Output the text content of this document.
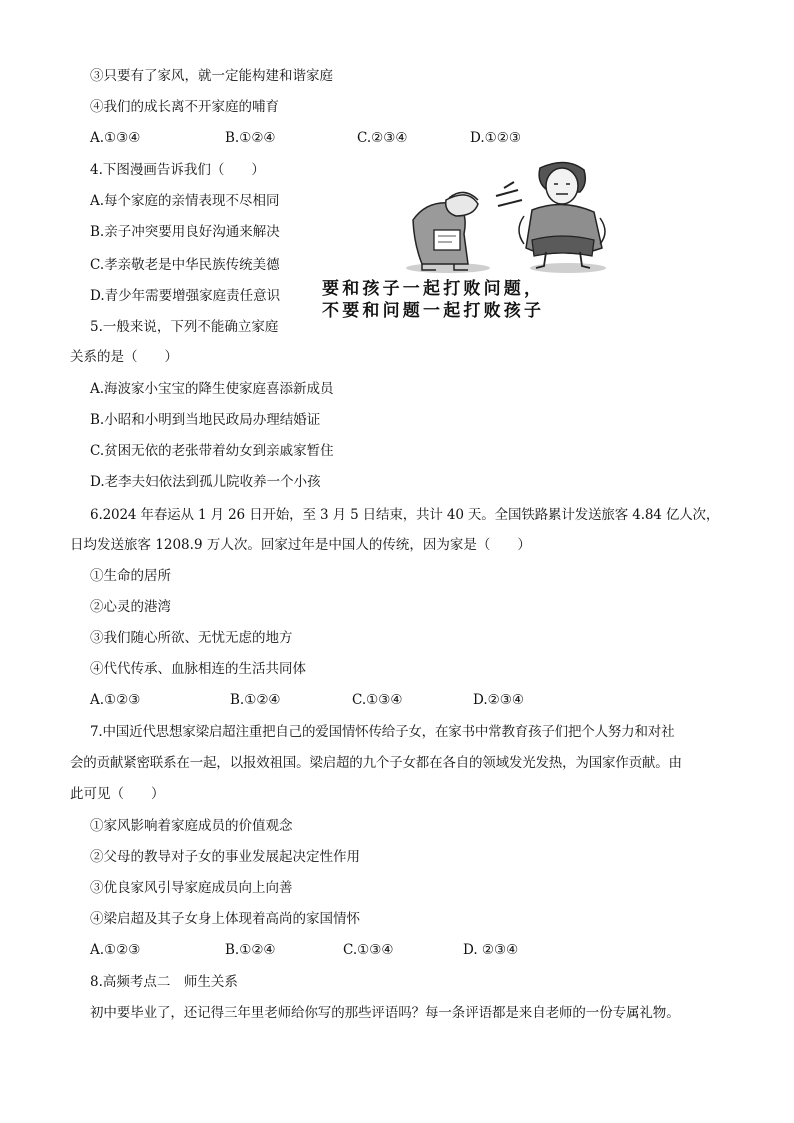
③只要有了家风，就一定能构建和谐家庭
④我们的成长离不开家庭的哺育
A.①③④	B.①②④	C.②③④	D.①②③
4.下图漫画告诉我们（　　）
A.每个家庭的亲情表现不尽相同
B.亲子冲突要用良好沟通来解决
C.孝亲敬老是中华民族传统美德
D.青少年需要增强家庭责任意识 要和孩子一起打败问题，
不要和问题一起打败孩子
5.一般来说，下列不能确立家庭
关系的是（　　）
A.海波家小宝宝的降生使家庭喜添新成员
B.小昭和小明到当地民政局办理结婚证
C.贫困无依的老张带着幼女到亲戚家暂住
D.老李夫妇依法到孤儿院收养一个小孩
6.2024 年春运从 1 月 26 日开始，至 3 月 5 日结束，共计 40 天。全国铁路累计发送旅客 4.84 亿人次，
日均发送旅客 1208.9 万人次。回家过年是中国人的传统，因为家是（　　）
①生命的居所
②心灵的港湾
③我们随心所欲、无忧无虑的地方
④代代传承、血脉相连的生活共同体
A.①②③	B.①②④	C.①③④	D.②③④
7.中国近代思想家梁启超注重把自己的爱国情怀传给子女，在家书中常教育孩子们把个人努力和对社
会的贡献紧密联系在一起，以报效祖国。梁启超的九个子女都在各自的领域发光发热，为国家作贡献。由
此可见（　　）
①家风影响着家庭成员的价值观念
②父母的教导对子女的事业发展起决定性作用
③优良家风引导家庭成员向上向善
④梁启超及其子女身上体现着高尚的家国情怀
A.①②③	B.①②④	C.①③④	D. ②③④
8.高频考点二　师生关系
初中要毕业了，还记得三年里老师给你写的那些评语吗？每一条评语都是来自老师的一份专属礼物。
